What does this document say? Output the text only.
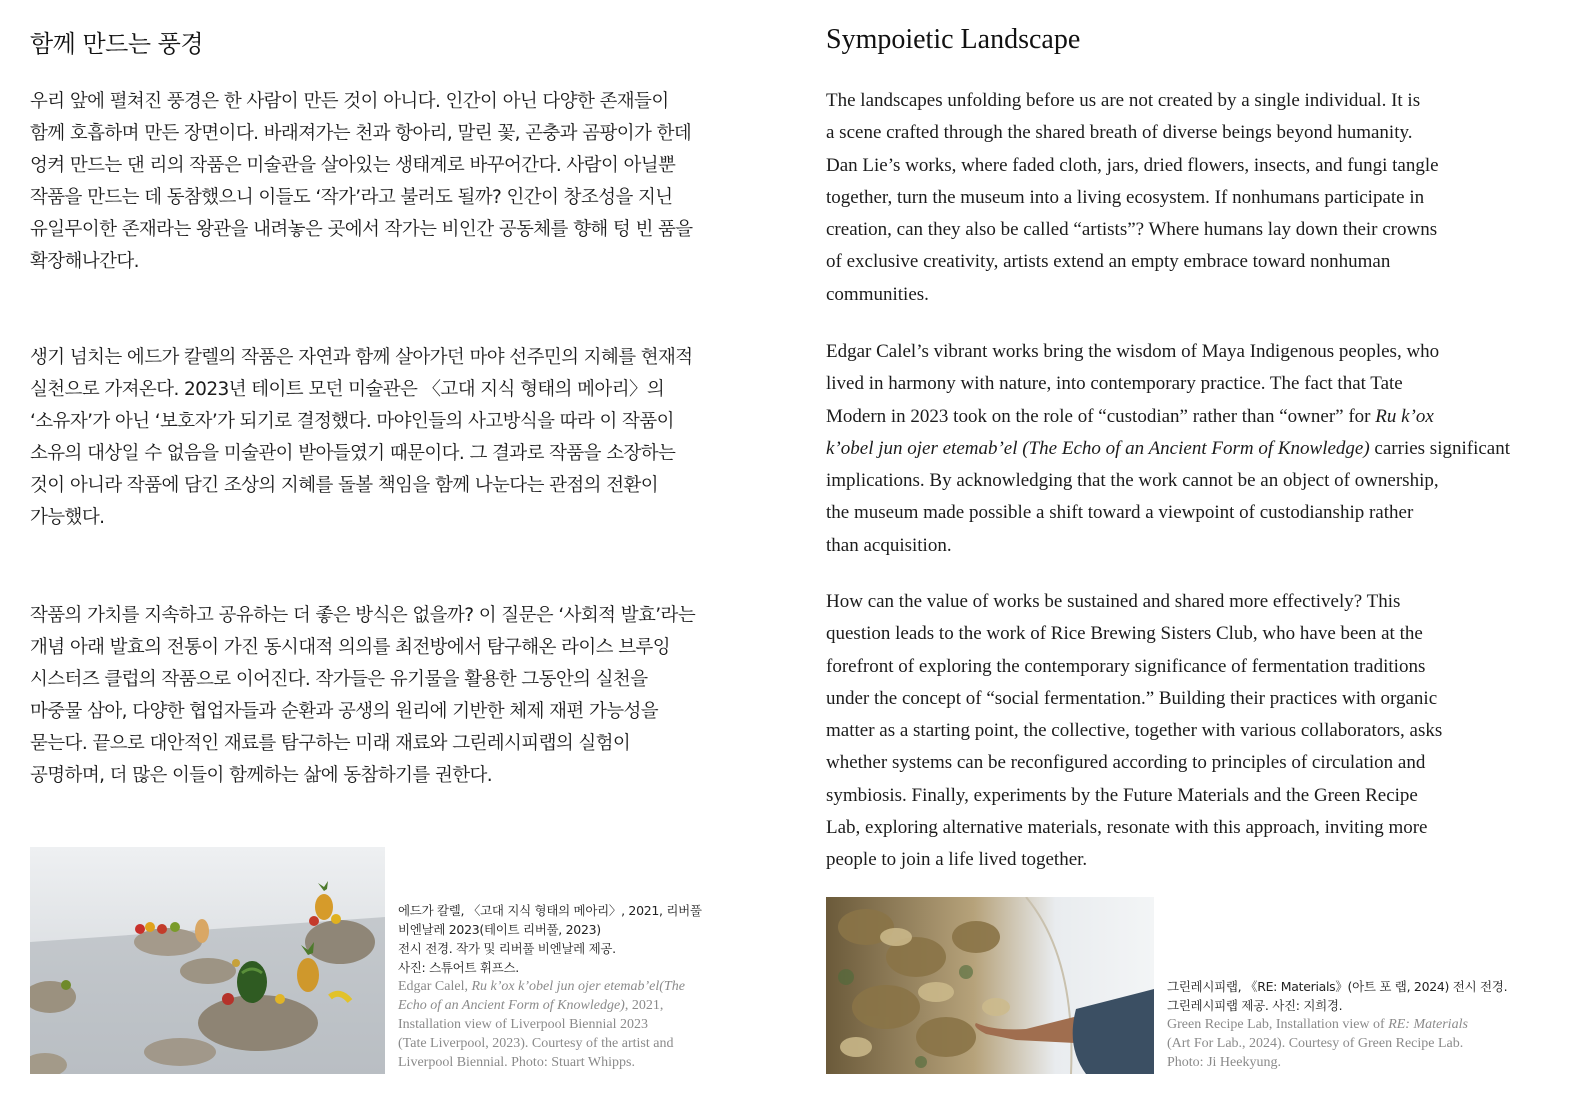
함께 만드는 풍경

우리 앞에 펼쳐진 풍경은 한 사람이 만든 것이 아니다. 인간이 아닌 다양한 존재들이
함께 호흡하며 만든 장면이다. 바래져가는 천과 항아리, 말린 꽃, 곤충과 곰팡이가 한데
엉켜 만드는 댄 리의 작품은 미술관을 살아있는 생태계로 바꾸어간다. 사람이 아닐뿐
작품을 만드는 데 동참했으니 이들도 ‘작가’라고 불러도 될까? 인간이 창조성을 지닌
유일무이한 존재라는 왕관을 내려놓은 곳에서 작가는 비인간 공동체를 향해 텅 빈 품을
확장해나간다.

생기 넘치는 에드가 칼렐의 작품은 자연과 함께 살아가던 마야 선주민의 지혜를 현재적
실천으로 가져온다. 2023년 테이트 모던 미술관은 〈고대 지식 형태의 메아리〉의
‘소유자’가 아닌 ‘보호자’가 되기로 결정했다. 마야인들의 사고방식을 따라 이 작품이
소유의 대상일 수 없음을 미술관이 받아들였기 때문이다. 그 결과로 작품을 소장하는
것이 아니라 작품에 담긴 조상의 지혜를 돌볼 책임을 함께 나눈다는 관점의 전환이
가능했다.

작품의 가치를 지속하고 공유하는 더 좋은 방식은 없을까? 이 질문은 ‘사회적 발효’라는
개념 아래 발효의 전통이 가진 동시대적 의의를 최전방에서 탐구해온 라이스 브루잉
시스터즈 클럽의 작품으로 이어진다. 작가들은 유기물을 활용한 그동안의 실천을
마중물 삼아, 다양한 협업자들과 순환과 공생의 원리에 기반한 체제 재편 가능성을
묻는다. 끝으로 대안적인 재료를 탐구하는 미래 재료와 그린레시피랩의 실험이
공명하며, 더 많은 이들이 함께하는 삶에 동참하기를 권한다.

에드가 칼렐, 〈고대 지식 형태의 메아리〉, 2021, 리버풀
비엔날레 2023(테이트 리버풀, 2023)
전시 전경. 작가 및 리버풀 비엔날레 제공.
사진: 스튜어트 휘프스.
Edgar Calel, Ru k’ox k’obel jun ojer etemab’el(The
Echo of an Ancient Form of Knowledge), 2021,
Installation view of Liverpool Biennial 2023
(Tate Liverpool, 2023). Courtesy of the artist and
Liverpool Biennial. Photo: Stuart Whipps.
Sympoietic Landscape

The landscapes unfolding before us are not created by a single individual. It is
a scene crafted through the shared breath of diverse beings beyond humanity.
Dan Lie’s works, where faded cloth, jars, dried flowers, insects, and fungi tangle
together, turn the museum into a living ecosystem. If nonhumans participate in
creation, can they also be called “artists”? Where humans lay down their crowns
of exclusive creativity, artists extend an empty embrace toward nonhuman
communities.

Edgar Calel’s vibrant works bring the wisdom of Maya Indigenous peoples, who
lived in harmony with nature, into contemporary practice. The fact that Tate
Modern in 2023 took on the role of “custodian” rather than “owner” for Ru k’ox
k’obel jun ojer etemab’el (The Echo of an Ancient Form of Knowledge) carries significant
implications. By acknowledging that the work cannot be an object of ownership,
the museum made possible a shift toward a viewpoint of custodianship rather
than acquisition.

How can the value of works be sustained and shared more effectively? This
question leads to the work of Rice Brewing Sisters Club, who have been at the
forefront of exploring the contemporary significance of fermentation traditions
under the concept of “social fermentation.” Building their practices with organic
matter as a starting point, the collective, together with various collaborators, asks
whether systems can be reconfigured according to principles of circulation and
symbiosis. Finally, experiments by the Future Materials and the Green Recipe
Lab, exploring alternative materials, resonate with this approach, inviting more
people to join a life lived together.

그린레시피랩, 《RE: Materials》(아트 포 랩, 2024) 전시 전경.
그린레시피랩 제공. 사진: 지희경.
Green Recipe Lab, Installation view of RE: Materials
(Art For Lab., 2024). Courtesy of Green Recipe Lab.
Photo: Ji Heekyung.
